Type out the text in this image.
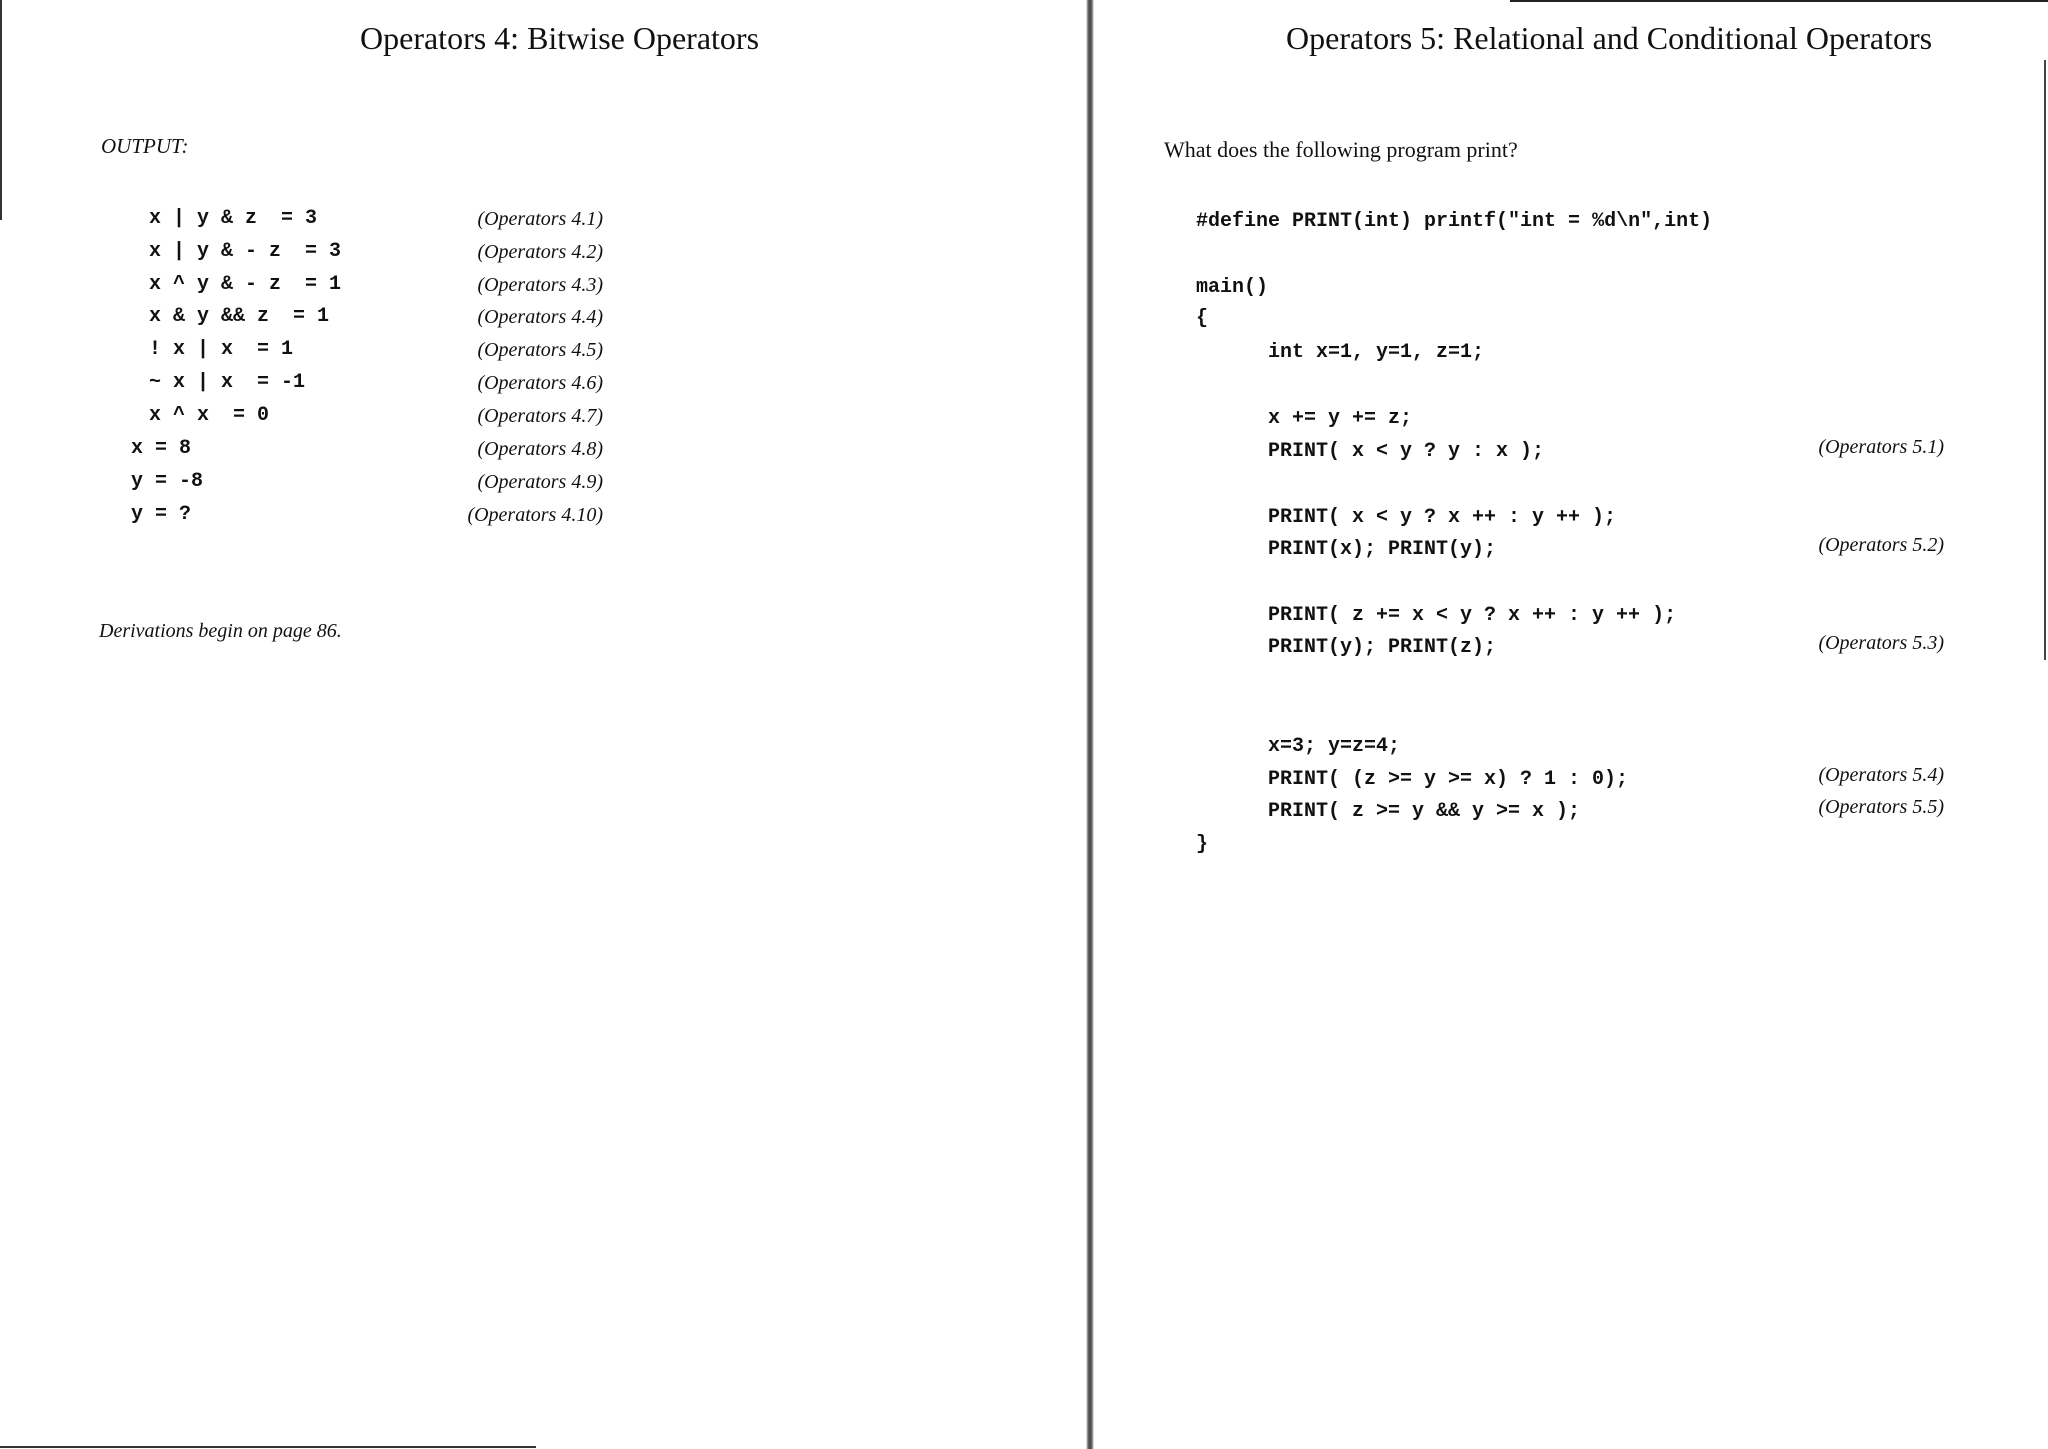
Operators 4: Bitwise Operators
OUTPUT:
x | y & z  = 3	(Operators 4.1)
x | y & - z  = 3	(Operators 4.2)
x ^ y & - z  = 1	(Operators 4.3)
x & y && z  = 1	(Operators 4.4)
! x | x  = 1	(Operators 4.5)
~ x | x  = -1	(Operators 4.6)
x ^ x  = 0	(Operators 4.7)
x = 8	(Operators 4.8)
y = -8	(Operators 4.9)
y = ?	(Operators 4.10)
Derivations begin on page 86.
Operators 5: Relational and Conditional Operators
What does the following program print?
#define PRINT(int) printf("int = %d\n",int)
main()
{
int x=1, y=1, z=1;
x += y += z;
PRINT( x < y ? y : x );	(Operators 5.1)
PRINT( x < y ? x ++ : y ++ );
PRINT(x); PRINT(y);	(Operators 5.2)
PRINT( z += x < y ? x ++ : y ++ );
PRINT(y); PRINT(z);	(Operators 5.3)
x=3; y=z=4;
PRINT( (z >= y >= x) ? 1 : 0);	(Operators 5.4)
PRINT( z >= y && y >= x );	(Operators 5.5)
}
